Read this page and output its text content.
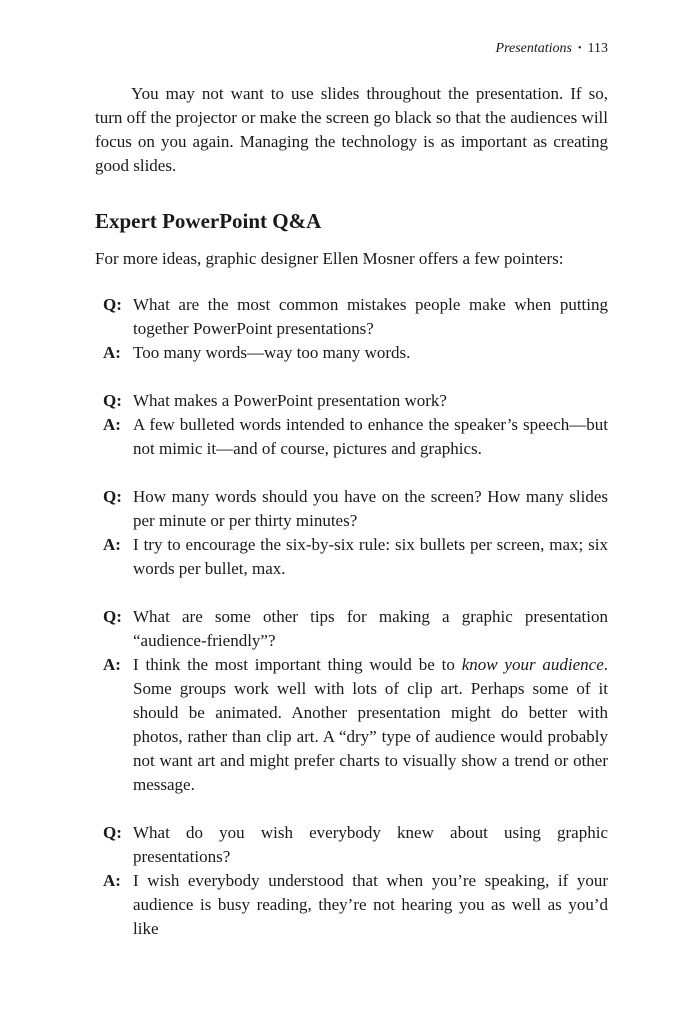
Presentations • 113

You may not want to use slides throughout the presentation. If so, turn off the projector or make the screen go black so that the audiences will focus on you again. Managing the technology is as important as creating good slides.

Expert PowerPoint Q&A

For more ideas, graphic designer Ellen Mosner offers a few pointers:

Q: What are the most common mistakes people make when putting together PowerPoint presentations?

A: Too many words—way too many words.

Q: What makes a PowerPoint presentation work?

A: A few bulleted words intended to enhance the speaker’s speech—but not mimic it—and of course, pictures and graphics.

Q: How many words should you have on the screen? How many slides per minute or per thirty minutes?

A: I try to encourage the six-by-six rule: six bullets per screen, max; six words per bullet, max.

Q: What are some other tips for making a graphic presentation “audience-friendly”?

A: I think the most important thing would be to know your audience. Some groups work well with lots of clip art. Perhaps some of it should be animated. Another presentation might do better with photos, rather than clip art. A “dry” type of audience would probably not want art and might prefer charts to visually show a trend or other message.

Q: What do you wish everybody knew about using graphic presentations?

A: I wish everybody understood that when you’re speaking, if your audience is busy reading, they’re not hearing you as well as you’d like
